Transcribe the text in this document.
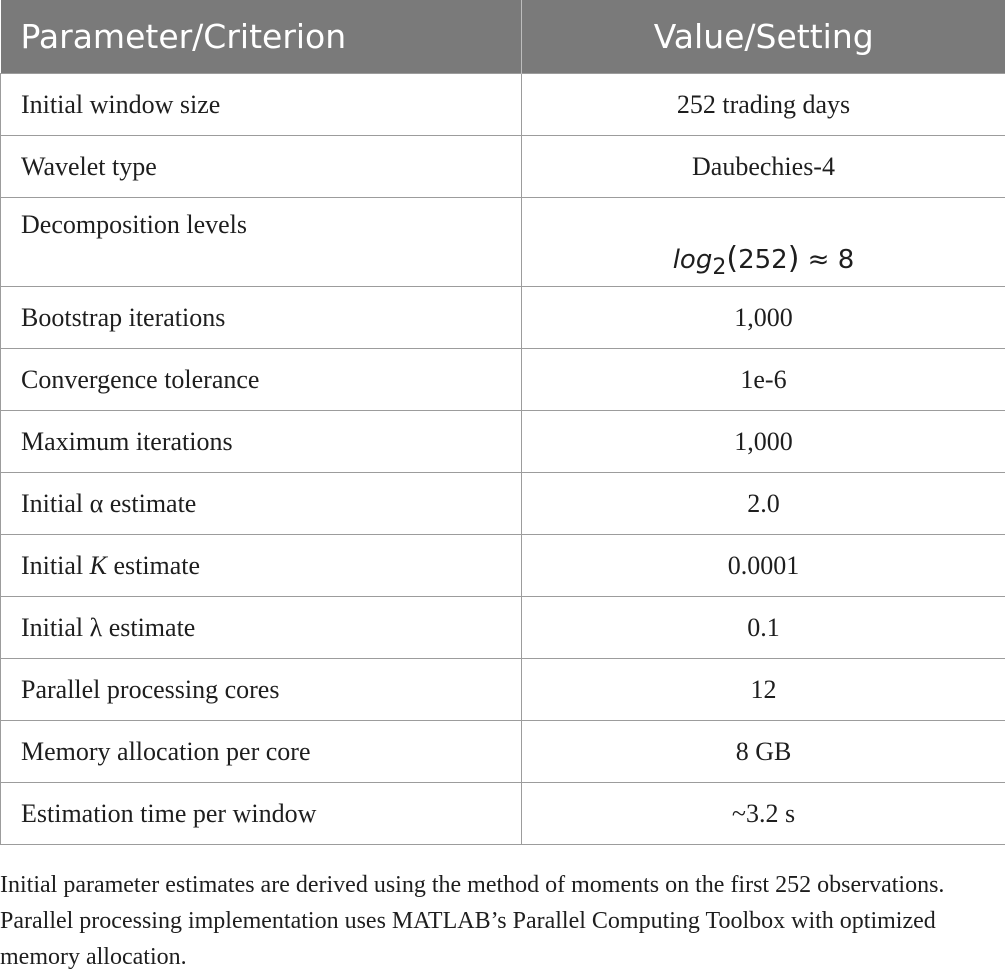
Parameter/Criterion	Value/Setting
Initial window size	252 trading days
Wavelet type	Daubechies-4
Decomposition levels	$\log_2(252) \approx 8$
Bootstrap iterations	1,000
Convergence tolerance	1e-6
Maximum iterations	1,000
Initial α estimate	2.0
Initial K estimate	0.0001
Initial λ estimate	0.1
Parallel processing cores	12
Memory allocation per core	8 GB
Estimation time per window	~3.2 s

Initial parameter estimates are derived using the method of moments on the first 252 observations. Parallel processing implementation uses MATLAB’s Parallel Computing Toolbox with optimized memory allocation.
